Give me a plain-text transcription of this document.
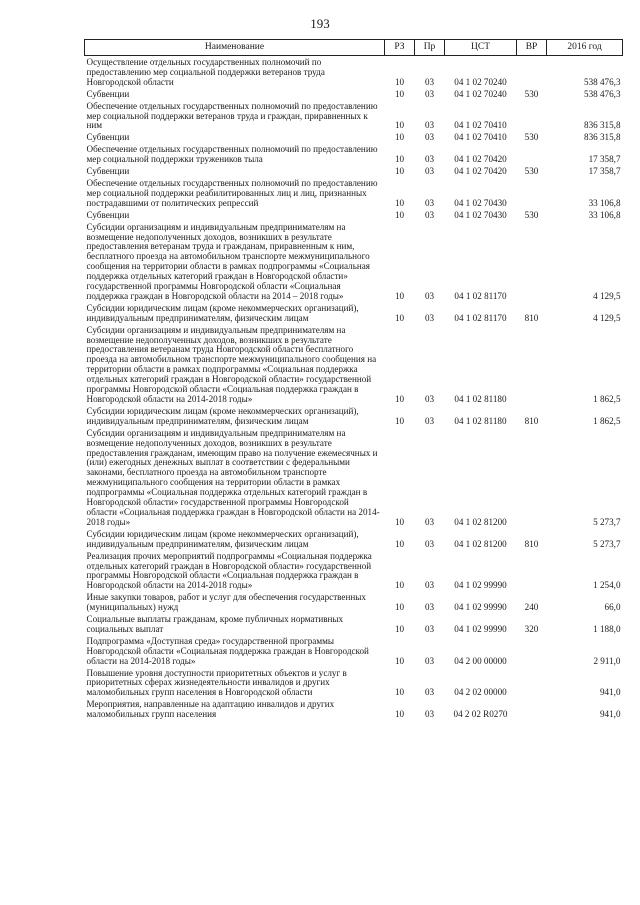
193
Наименование	РЗ	Пр	ЦСТ	ВР	2016 год
Осуществление отдельных государственных полномочий по предоставлению мер социальной поддержки ветеранов труда Новгородской области	10	03	04 1 02 70240		538 476,3
Субвенции	10	03	04 1 02 70240	530	538 476,3
Обеспечение отдельных государственных полномочий по предоставлению мер социальной поддержки ветеранов труда и граждан, приравненных к ним	10	03	04 1 02 70410		836 315,8
Субвенции	10	03	04 1 02 70410	530	836 315,8
Обеспечение отдельных государственных полномочий по предоставлению мер социальной поддержки тружеников тыла	10	03	04 1 02 70420		17 358,7
Субвенции	10	03	04 1 02 70420	530	17 358,7
Обеспечение отдельных государственных полномочий по предоставлению мер социальной поддержки реабилитированных лиц и лиц, признанных пострадавшими от политических репрессий	10	03	04 1 02 70430		33 106,8
Субвенции	10	03	04 1 02 70430	530	33 106,8
Субсидии организациям и индивидуальным предпринимателям на возмещение недополученных доходов, возникших в результате предоставления ветеранам труда и гражданам, приравненным к ним, бесплатного проезда на автомобильном транспорте межмуниципального сообщения на территории области в рамках подпрограммы «Социальная поддержка отдельных категорий граждан в Новгородской области» государственной программы Новгородской области «Социальная поддержка граждан в Новгородской области на 2014 – 2018 годы»	10	03	04 1 02 81170		4 129,5
Субсидии юридическим лицам (кроме некоммерческих организаций), индивидуальным предпринимателям, физическим лицам	10	03	04 1 02 81170	810	4 129,5
Субсидии организациям и индивидуальным предпринимателям на возмещение недополученных доходов, возникших в результате предоставления ветеранам труда Новгородской области бесплатного проезда на автомобильном транспорте межмуниципального сообщения на территории области в рамках подпрограммы «Социальная поддержка отдельных категорий граждан в Новгородской области» государственной программы Новгородской области «Социальная поддержка граждан в Новгородской области на 2014-2018 годы»	10	03	04 1 02 81180		1 862,5
Субсидии юридическим лицам (кроме некоммерческих организаций), индивидуальным предпринимателям, физическим лицам	10	03	04 1 02 81180	810	1 862,5
Субсидии организациям и индивидуальным предпринимателям на возмещение недополученных доходов, возникших в результате предоставления гражданам, имеющим право на получение ежемесячных и (или) ежегодных денежных выплат в соответствии с федеральными законами, бесплатного проезда на автомобильном транспорте межмуниципального сообщения на территории области в рамках подпрограммы «Социальная поддержка отдельных категорий граждан в Новгородской области» государственной программы Новгородской области «Социальная поддержка граждан в Новгородской области на 2014-2018 годы»	10	03	04 1 02 81200		5 273,7
Субсидии юридическим лицам (кроме некоммерческих организаций), индивидуальным предпринимателям, физическим лицам	10	03	04 1 02 81200	810	5 273,7
Реализация прочих мероприятий подпрограммы «Социальная поддержка отдельных категорий граждан в Новгородской области» государственной программы Новгородской области «Социальная поддержка граждан в Новгородской области на 2014-2018 годы»	10	03	04 1 02 99990		1 254,0
Иные закупки товаров, работ и услуг для обеспечения государственных (муниципальных) нужд	10	03	04 1 02 99990	240	66,0
Социальные выплаты гражданам, кроме публичных нормативных социальных выплат	10	03	04 1 02 99990	320	1 188,0
Подпрограмма «Доступная среда» государственной программы Новгородской области «Социальная поддержка граждан в Новгородской области на 2014-2018 годы»	10	03	04 2 00 00000		2 911,0
Повышение уровня доступности приоритетных объектов и услуг в приоритетных сферах жизнедеятельности инвалидов и других маломобильных групп населения в Новгородской области	10	03	04 2 02 00000		941,0
Мероприятия, направленные на адаптацию инвалидов и других маломобильных групп населения	10	03	04 2 02 R0270		941,0
